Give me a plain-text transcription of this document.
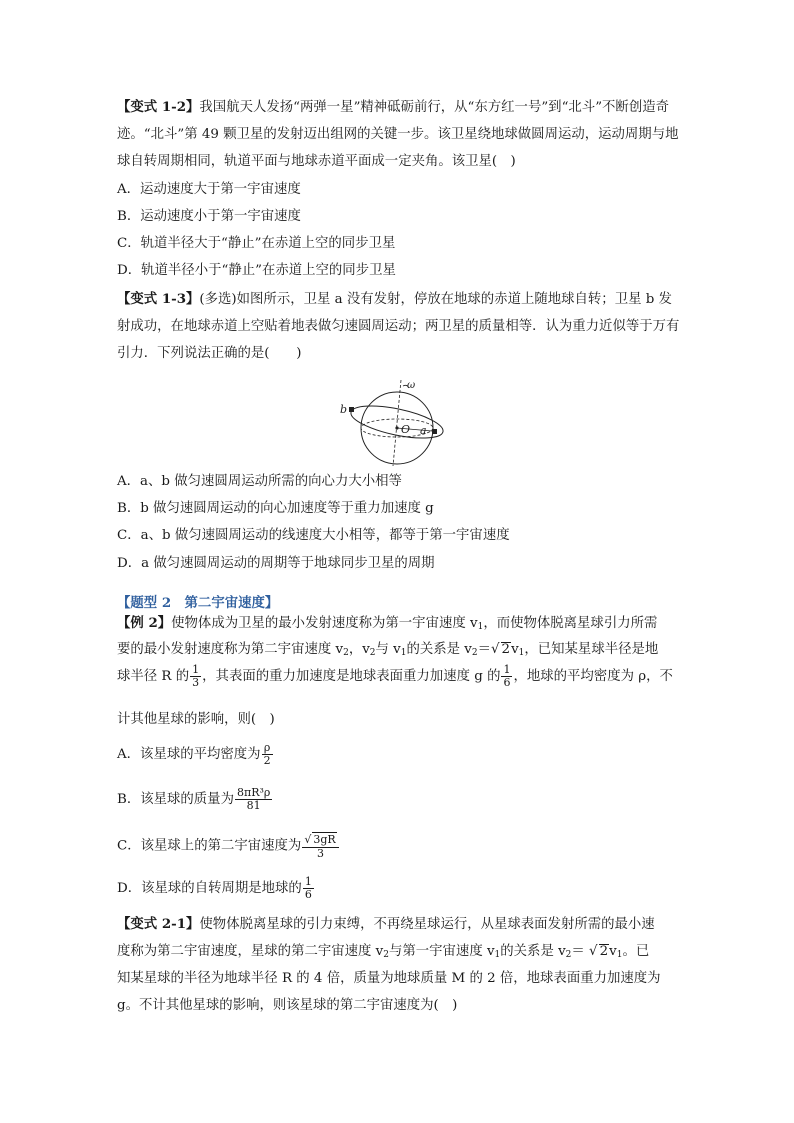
【变式 1-2】我国航天人发扬“两弹一星”精神砥砺前行，从“东方红一号”到“北斗”不断创造奇迹。“北斗”第 49 颗卫星的发射迈出组网的关键一步。该卫星绕地球做圆周运动，运动周期与地球自转周期相同，轨道平面与地球赤道平面成一定夹角。该卫星(　)
A．运动速度大于第一宇宙速度
B．运动速度小于第一宇宙速度
C．轨道半径大于“静止”在赤道上空的同步卫星
D．轨道半径小于“静止”在赤道上空的同步卫星
【变式 1-3】(多选)如图所示，卫星 a 没有发射，停放在地球的赤道上随地球自转；卫星 b 发射成功，在地球赤道上空贴着地表做匀速圆周运动；两卫星的质量相等．认为重力近似等于万有引力．下列说法正确的是(　　)
ω
b
O a
A．a、b 做匀速圆周运动所需的向心力大小相等
B．b 做匀速圆周运动的向心加速度等于重力加速度 g
C．a、b 做匀速圆周运动的线速度大小相等，都等于第一宇宙速度
D．a 做匀速圆周运动的周期等于地球同步卫星的周期
【题型 2　第二宇宙速度】
【例 2】使物体成为卫星的最小发射速度称为第一宇宙速度 $v_1$，而使物体脱离星球引力所需
要的最小发射速度称为第二宇宙速度 $v_2$，$v_2$与 $v_1$的关系是 $v_2=√$ $2v_1$，已知某星球半径是地
球半径 R 的 $\frac{1}{3}$ ，其表面的重力加速度是地球表面重力加速度 g 的 $\frac{1}{6}$ ，地球的平均密度为 ρ，不
计其他星球的影响，则(　)
A．该星球的平均密度为 $\frac{\rho}{2}$
B．该星球的质量为 $\frac{\text{8πR³ρ}}{81}$
C．该星球上的第二宇宙速度为 $\frac{√ 3gR}{3}$
D．该星球的自转周期是地球的 $\frac{1}{6}$
【变式 2-1】使物体脱离星球的引力束缚，不再绕星球运行，从星球表面发射所需的最小速
度称为第二宇宙速度，星球的第二宇宙速度 $v_2$与第一宇宙速度 $v_1$的关系是 $v_2=$ √ $2v_1$。已
知某星球的半径为地球半径 R 的 4 倍，质量为地球质量 M 的 2 倍，地球表面重力加速度为
g。不计其他星球的影响，则该星球的第二宇宙速度为(　)
